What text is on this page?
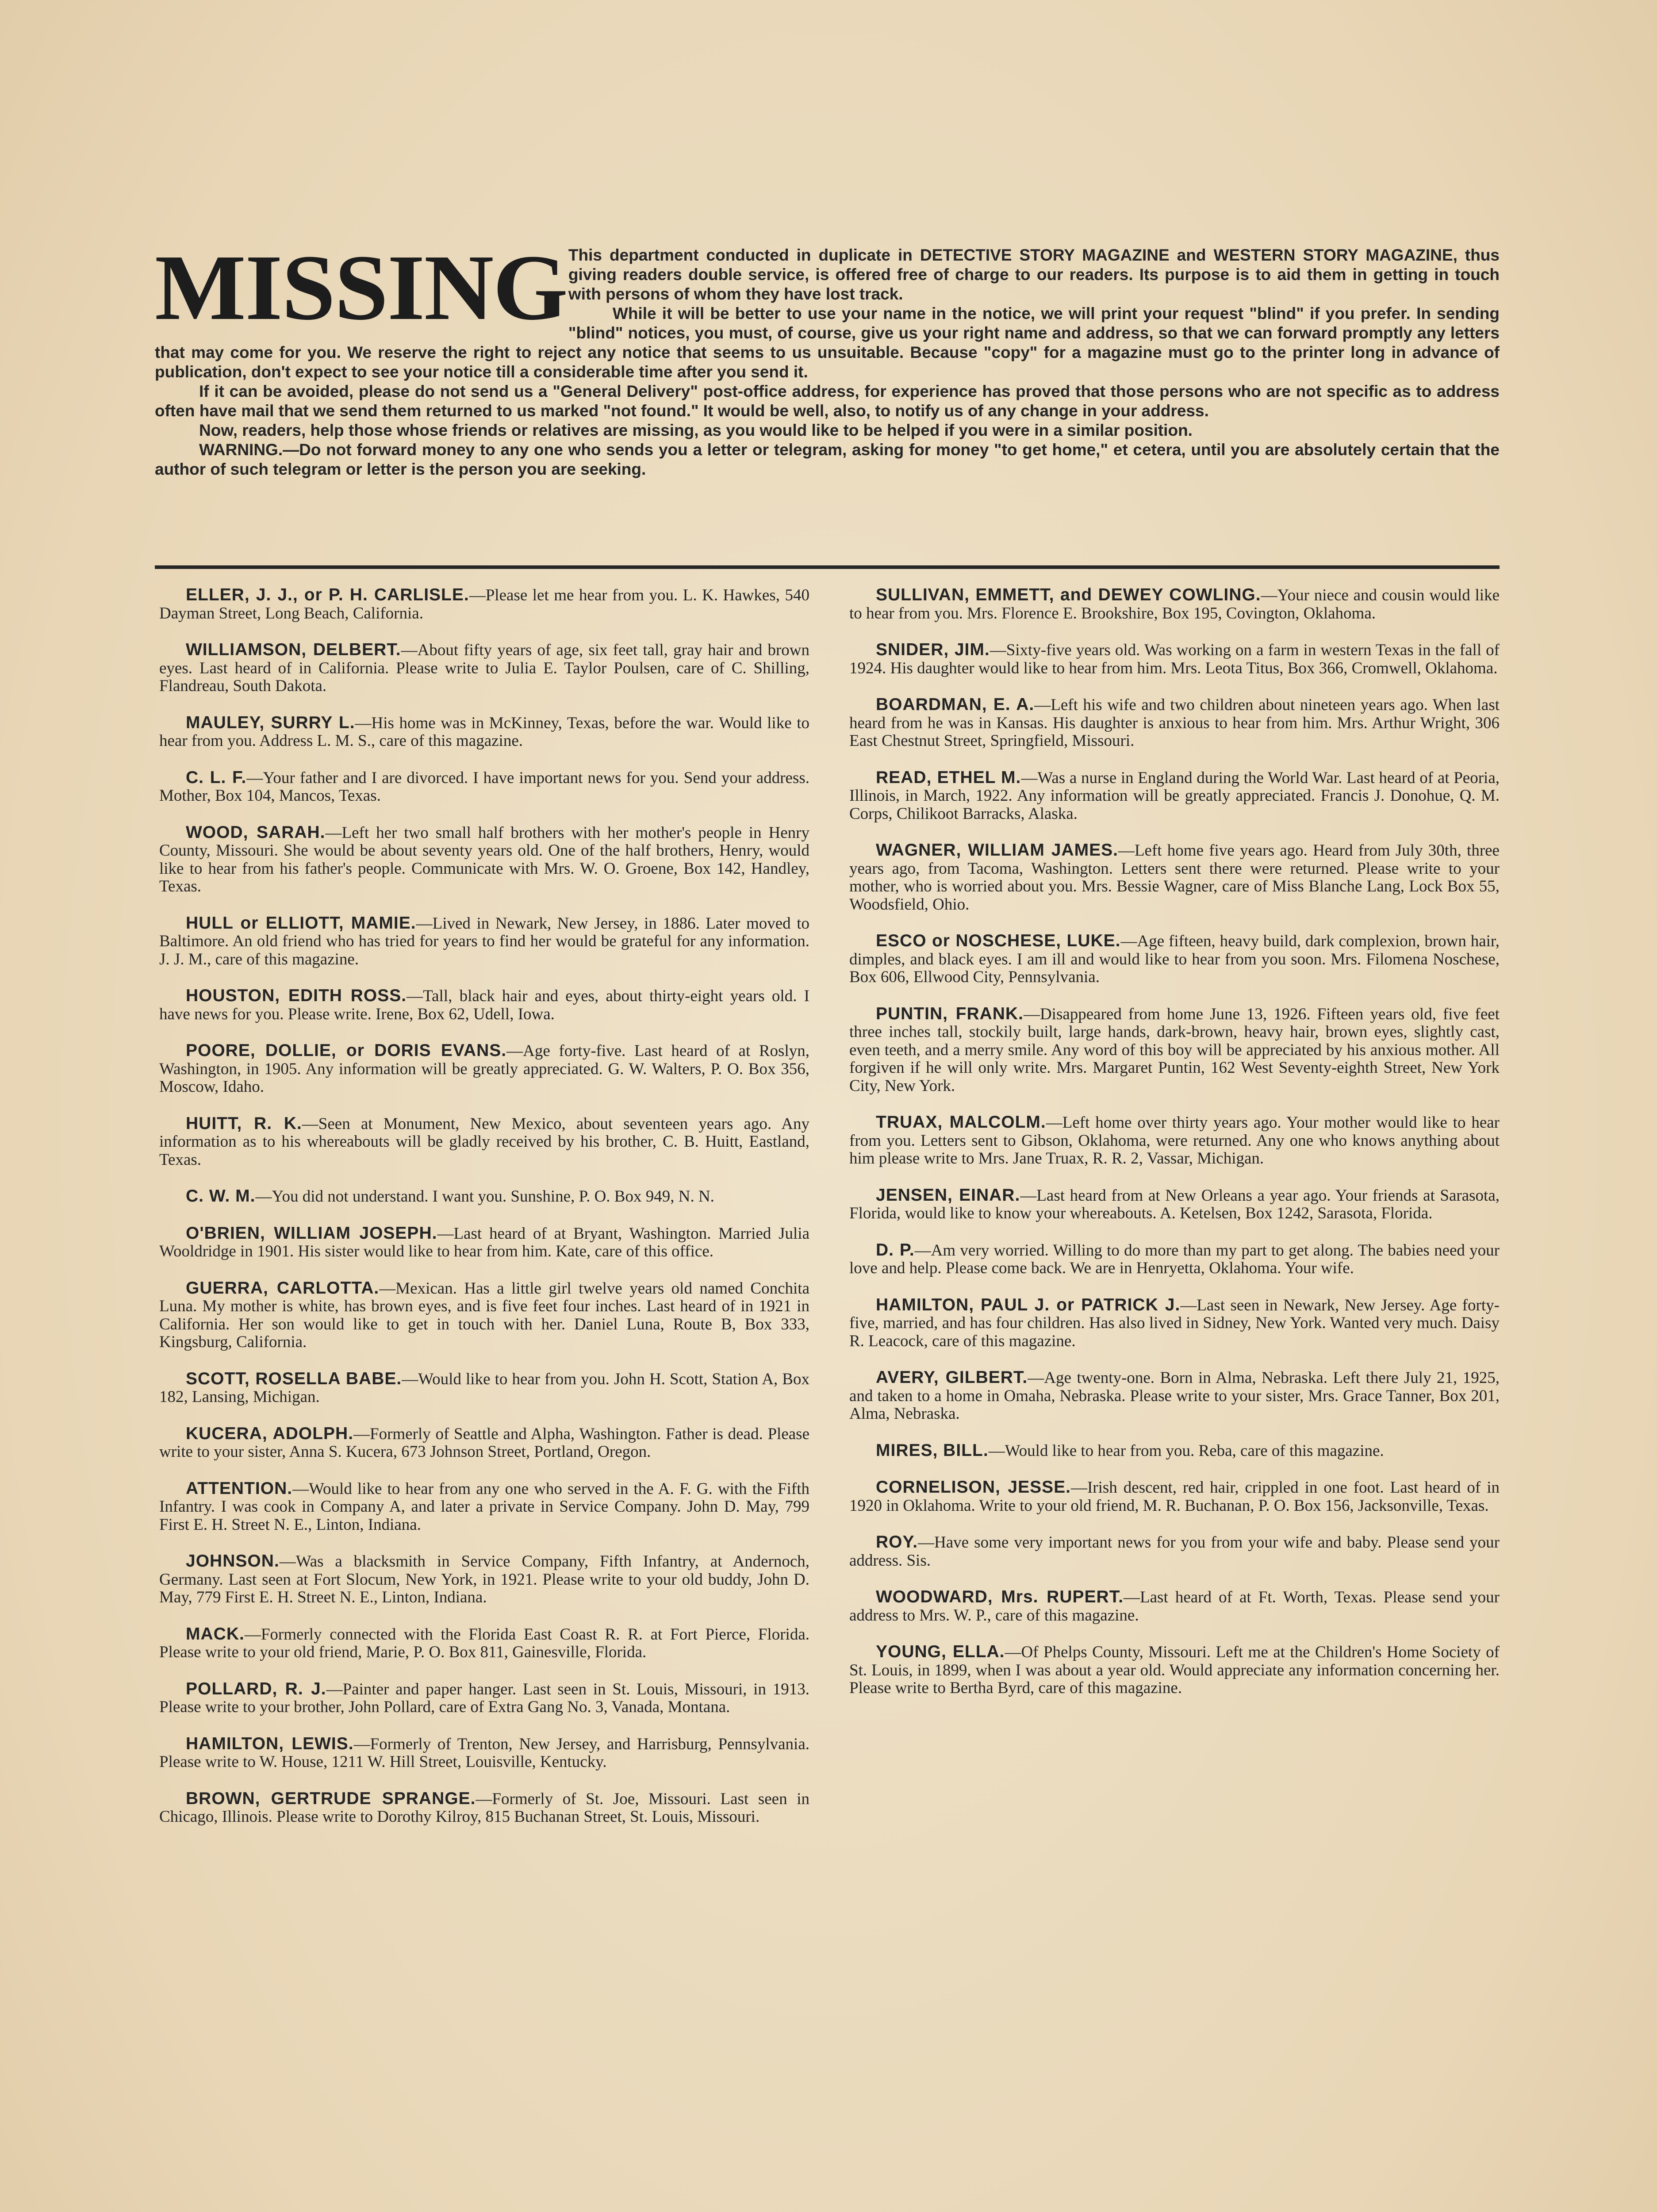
MISSING This department conducted in duplicate in DETECTIVE STORY MAGAZINE and WESTERN STORY MAGAZINE, thus giving readers double service, is offered free of charge to our readers. Its purpose is to aid them in getting in touch with persons of whom they have lost track.

While it will be better to use your name in the notice, we will print your request "blind" if you prefer. In sending "blind" notices, you must, of course, give us your right name and address, so that we can forward promptly any letters that may come for you. We reserve the right to reject any notice that seems to us unsuitable. Because "copy" for a magazine must go to the printer long in advance of publication, don't expect to see your notice till a considerable time after you send it.

If it can be avoided, please do not send us a "General Delivery" post-office address, for experience has proved that those persons who are not specific as to address often have mail that we send them returned to us marked "not found." It would be well, also, to notify us of any change in your address.

Now, readers, help those whose friends or relatives are missing, as you would like to be helped if you were in a similar position.

WARNING.—Do not forward money to any one who sends you a letter or telegram, asking for money "to get home," et cetera, until you are absolutely certain that the author of such telegram or letter is the person you are seeking.

ELLER, J. J., or P. H. CARLISLE.—Please let me hear from you. L. K. Hawkes, 540 Dayman Street, Long Beach, California.

WILLIAMSON, DELBERT.—About fifty years of age, six feet tall, gray hair and brown eyes. Last heard of in California. Please write to Julia E. Taylor Poulsen, care of C. Shilling, Flandreau, South Dakota.

MAULEY, SURRY L.—His home was in McKinney, Texas, before the war. Would like to hear from you. Address L. M. S., care of this magazine.

C. L. F.—Your father and I are divorced. I have important news for you. Send your address. Mother, Box 104, Mancos, Texas.

WOOD, SARAH.—Left her two small half brothers with her mother's people in Henry County, Missouri. She would be about seventy years old. One of the half brothers, Henry, would like to hear from his father's people. Communicate with Mrs. W. O. Groene, Box 142, Handley, Texas.

HULL or ELLIOTT, MAMIE.—Lived in Newark, New Jersey, in 1886. Later moved to Baltimore. An old friend who has tried for years to find her would be grateful for any information. J. J. M., care of this magazine.

HOUSTON, EDITH ROSS.—Tall, black hair and eyes, about thirty-eight years old. I have news for you. Please write. Irene, Box 62, Udell, Iowa.

POORE, DOLLIE, or DORIS EVANS.—Age forty-five. Last heard of at Roslyn, Washington, in 1905. Any information will be greatly appreciated. G. W. Walters, P. O. Box 356, Moscow, Idaho.

HUITT, R. K.—Seen at Monument, New Mexico, about seventeen years ago. Any information as to his whereabouts will be gladly received by his brother, C. B. Huitt, Eastland, Texas.

C. W. M.—You did not understand. I want you. Sunshine, P. O. Box 949, N. N.

O'BRIEN, WILLIAM JOSEPH.—Last heard of at Bryant, Washington. Married Julia Wooldridge in 1901. His sister would like to hear from him. Kate, care of this office.

GUERRA, CARLOTTA.—Mexican. Has a little girl twelve years old named Conchita Luna. My mother is white, has brown eyes, and is five feet four inches. Last heard of in 1921 in California. Her son would like to get in touch with her. Daniel Luna, Route B, Box 333, Kingsburg, California.

SCOTT, ROSELLA BABE.—Would like to hear from you. John H. Scott, Station A, Box 182, Lansing, Michigan.

KUCERA, ADOLPH.—Formerly of Seattle and Alpha, Washington. Father is dead. Please write to your sister, Anna S. Kucera, 673 Johnson Street, Portland, Oregon.

ATTENTION.—Would like to hear from any one who served in the A. F. G. with the Fifth Infantry. I was cook in Company A, and later a private in Service Company. John D. May, 799 First E. H. Street N. E., Linton, Indiana.

JOHNSON.—Was a blacksmith in Service Company, Fifth Infantry, at Andernoch, Germany. Last seen at Fort Slocum, New York, in 1921. Please write to your old buddy, John D. May, 779 First E. H. Street N. E., Linton, Indiana.

MACK.—Formerly connected with the Florida East Coast R. R. at Fort Pierce, Florida. Please write to your old friend, Marie, P. O. Box 811, Gainesville, Florida.

POLLARD, R. J.—Painter and paper hanger. Last seen in St. Louis, Missouri, in 1913. Please write to your brother, John Pollard, care of Extra Gang No. 3, Vanada, Montana.

HAMILTON, LEWIS.—Formerly of Trenton, New Jersey, and Harrisburg, Pennsylvania. Please write to W. House, 1211 W. Hill Street, Louisville, Kentucky.

BROWN, GERTRUDE SPRANGE.—Formerly of St. Joe, Missouri. Last seen in Chicago, Illinois. Please write to Dorothy Kilroy, 815 Buchanan Street, St. Louis, Missouri.

SULLIVAN, EMMETT, and DEWEY COWLING.—Your niece and cousin would like to hear from you. Mrs. Florence E. Brookshire, Box 195, Covington, Oklahoma.

SNIDER, JIM.—Sixty-five years old. Was working on a farm in western Texas in the fall of 1924. His daughter would like to hear from him. Mrs. Leota Titus, Box 366, Cromwell, Oklahoma.

BOARDMAN, E. A.—Left his wife and two children about nineteen years ago. When last heard from he was in Kansas. His daughter is anxious to hear from him. Mrs. Arthur Wright, 306 East Chestnut Street, Springfield, Missouri.

READ, ETHEL M.—Was a nurse in England during the World War. Last heard of at Peoria, Illinois, in March, 1922. Any information will be greatly appreciated. Francis J. Donohue, Q. M. Corps, Chilikoot Barracks, Alaska.

WAGNER, WILLIAM JAMES.—Left home five years ago. Heard from July 30th, three years ago, from Tacoma, Washington. Letters sent there were returned. Please write to your mother, who is worried about you. Mrs. Bessie Wagner, care of Miss Blanche Lang, Lock Box 55, Woodsfield, Ohio.

ESCO or NOSCHESE, LUKE.—Age fifteen, heavy build, dark complexion, brown hair, dimples, and black eyes. I am ill and would like to hear from you soon. Mrs. Filomena Noschese, Box 606, Ellwood City, Pennsylvania.

PUNTIN, FRANK.—Disappeared from home June 13, 1926. Fifteen years old, five feet three inches tall, stockily built, large hands, dark-brown, heavy hair, brown eyes, slightly cast, even teeth, and a merry smile. Any word of this boy will be appreciated by his anxious mother. All forgiven if he will only write. Mrs. Margaret Puntin, 162 West Seventy-eighth Street, New York City, New York.

TRUAX, MALCOLM.—Left home over thirty years ago. Your mother would like to hear from you. Letters sent to Gibson, Oklahoma, were returned. Any one who knows anything about him please write to Mrs. Jane Truax, R. R. 2, Vassar, Michigan.

JENSEN, EINAR.—Last heard from at New Orleans a year ago. Your friends at Sarasota, Florida, would like to know your whereabouts. A. Ketelsen, Box 1242, Sarasota, Florida.

D. P.—Am very worried. Willing to do more than my part to get along. The babies need your love and help. Please come back. We are in Henryetta, Oklahoma. Your wife.

HAMILTON, PAUL J. or PATRICK J.—Last seen in Newark, New Jersey. Age forty-five, married, and has four children. Has also lived in Sidney, New York. Wanted very much. Daisy R. Leacock, care of this magazine.

AVERY, GILBERT.—Age twenty-one. Born in Alma, Nebraska. Left there July 21, 1925, and taken to a home in Omaha, Nebraska. Please write to your sister, Mrs. Grace Tanner, Box 201, Alma, Nebraska.

MIRES, BILL.—Would like to hear from you. Reba, care of this magazine.

CORNELISON, JESSE.—Irish descent, red hair, crippled in one foot. Last heard of in 1920 in Oklahoma. Write to your old friend, M. R. Buchanan, P. O. Box 156, Jacksonville, Texas.

ROY.—Have some very important news for you from your wife and baby. Please send your address. Sis.

WOODWARD, Mrs. RUPERT.—Last heard of at Ft. Worth, Texas. Please send your address to Mrs. W. P., care of this magazine.

YOUNG, ELLA.—Of Phelps County, Missouri. Left me at the Children's Home Society of St. Louis, in 1899, when I was about a year old. Would appreciate any information concerning her. Please write to Bertha Byrd, care of this magazine.
